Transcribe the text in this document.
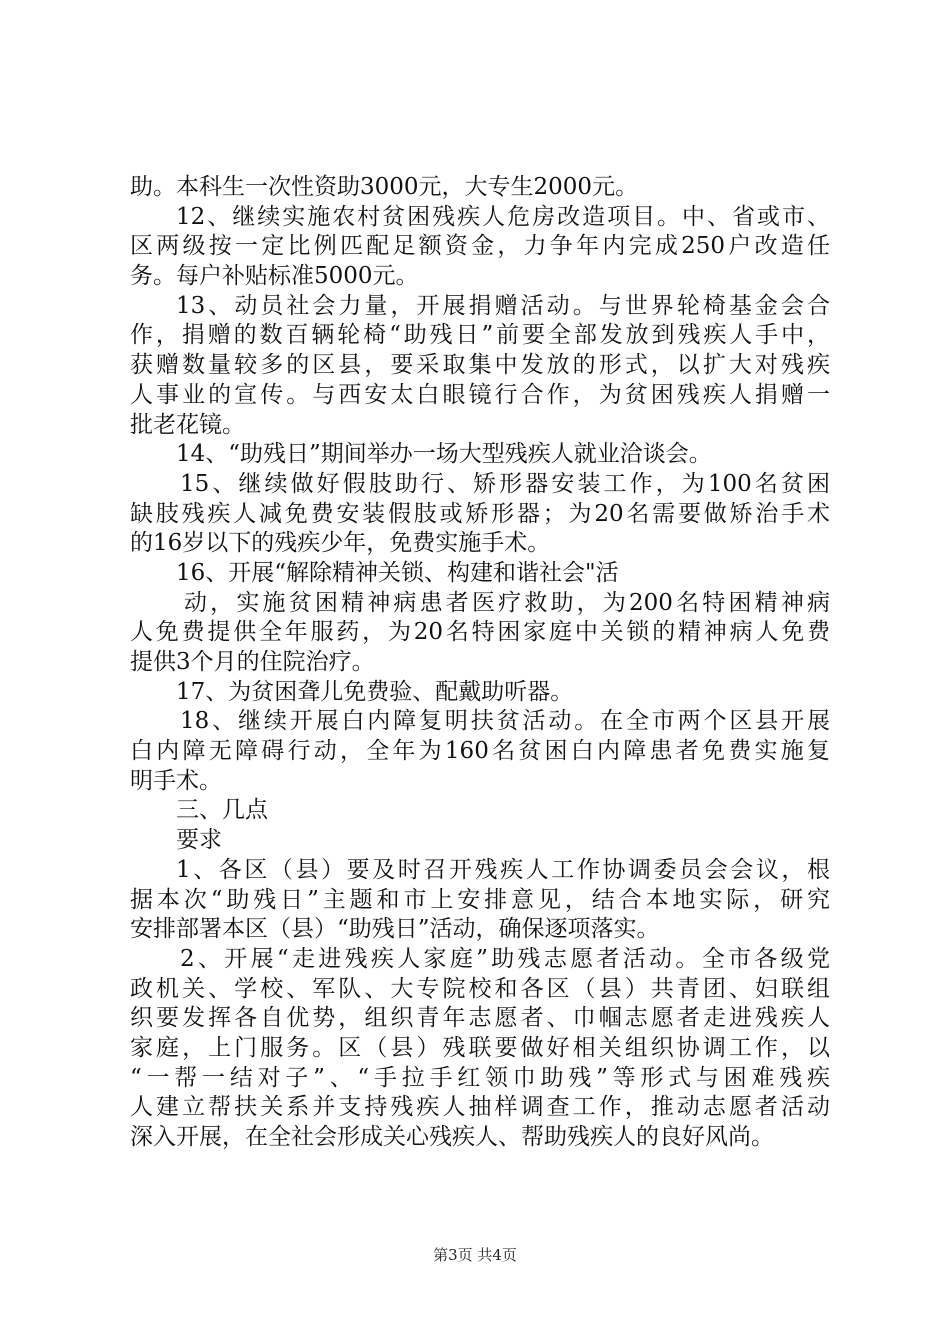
助。本科生一次性资助3000元，大专生2000元。
12、继续实施农村贫困残疾人危房改造项目。中、省或市、
区两级按一定比例匹配足额资金，力争年内完成250户改造任
务。每户补贴标准5000元。
13、动员社会力量，开展捐赠活动。与世界轮椅基金会合
作，捐赠的数百辆轮椅“助残日”前要全部发放到残疾人手中，
获赠数量较多的区县，要采取集中发放的形式，以扩大对残疾
人事业的宣传。与西安太白眼镜行合作，为贫困残疾人捐赠一
批老花镜。
14、“助残日”期间举办一场大型残疾人就业洽谈会。
15、继续做好假肢助行、矫形器安装工作，为100名贫困
缺肢残疾人减免费安装假肢或矫形器；为20名需要做矫治手术
的16岁以下的残疾少年，免费实施手术。
16、开展“解除精神关锁、构建和谐社会"活
动，实施贫困精神病患者医疗救助，为200名特困精神病
人免费提供全年服药，为20名特困家庭中关锁的精神病人免费
提供3个月的住院治疗。
17、为贫困聋儿免费验、配戴助听器。
18、继续开展白内障复明扶贫活动。在全市两个区县开展
白内障无障碍行动，全年为160名贫困白内障患者免费实施复
明手术。
三、几点
要求
1、各区（县）要及时召开残疾人工作协调委员会会议，根
据本次“助残日”主题和市上安排意见，结合本地实际，研究
安排部署本区（县）“助残日”活动，确保逐项落实。
2、开展“走进残疾人家庭”助残志愿者活动。全市各级党
政机关、学校、军队、大专院校和各区（县）共青团、妇联组
织要发挥各自优势，组织青年志愿者、巾帼志愿者走进残疾人
家庭，上门服务。区（县）残联要做好相关组织协调工作，以
“一帮一结对子”、“手拉手红领巾助残”等形式与困难残疾
人建立帮扶关系并支持残疾人抽样调查工作，推动志愿者活动
深入开展，在全社会形成关心残疾人、帮助残疾人的良好风尚。
第3页 共4页
